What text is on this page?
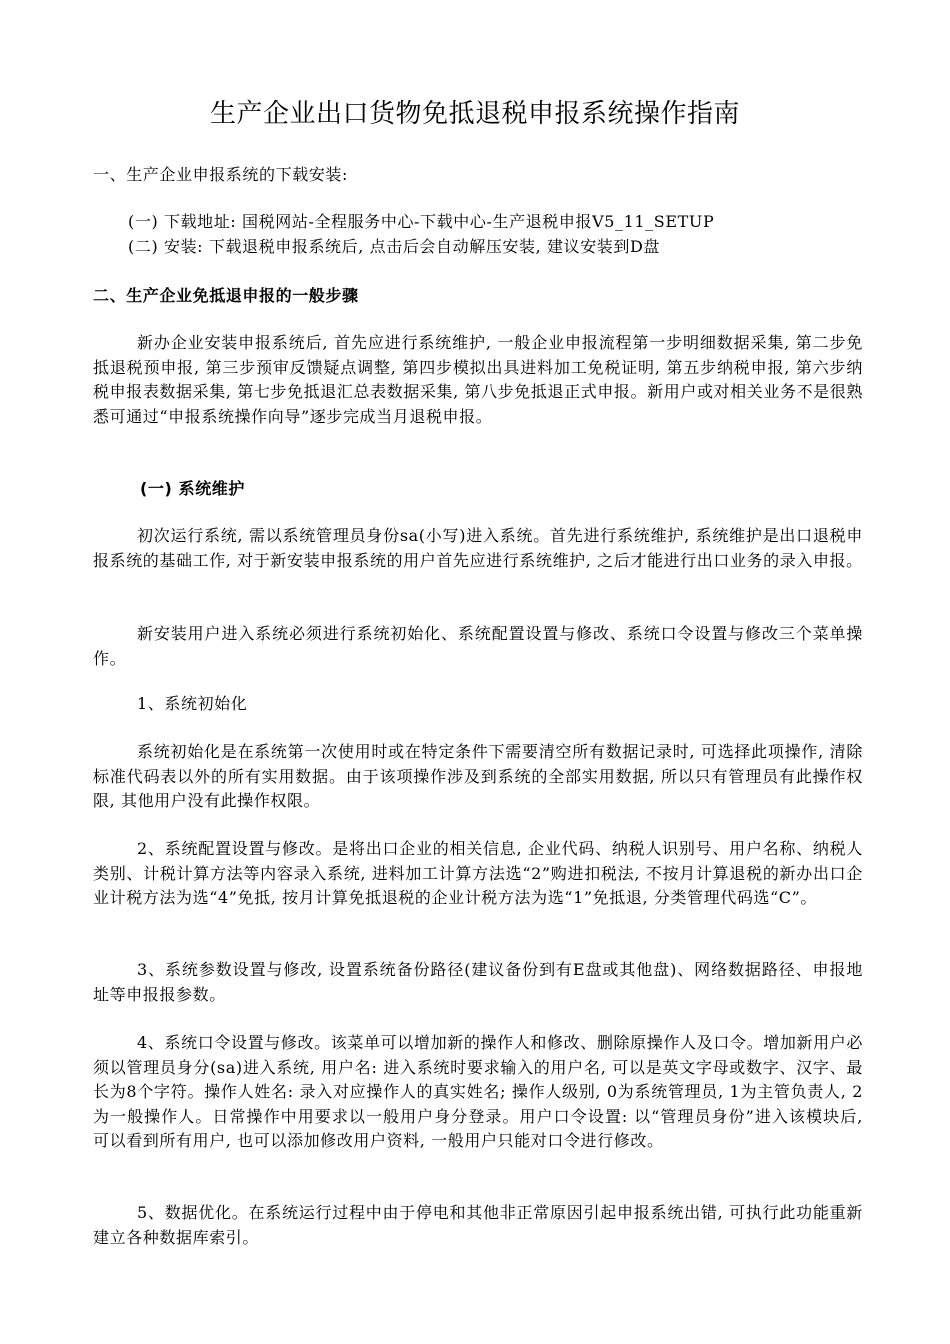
生产企业出口货物免抵退税申报系统操作指南

一、生产企业申报系统的下载安装:

(一) 下载地址: 国税网站-全程服务中心-下载中心-生产退税申报V5_11_SETUP

(二) 安装: 下载退税申报系统后, 点击后会自动解压安装, 建议安装到D盘

二、生产企业免抵退申报的一般步骤

新办企业安装申报系统后, 首先应进行系统维护, 一般企业申报流程第一步明细数据采集, 第二步免抵退税预申报, 第三步预审反馈疑点调整, 第四步模拟出具进料加工免税证明, 第五步纳税申报, 第六步纳税申报表数据采集, 第七步免抵退汇总表数据采集, 第八步免抵退正式申报。新用户或对相关业务不是很熟悉可通过“申报系统操作向导”逐步完成当月退税申报。

(一) 系统维护

初次运行系统, 需以系统管理员身份sa(小写)进入系统。首先进行系统维护, 系统维护是出口退税申报系统的基础工作, 对于新安装申报系统的用户首先应进行系统维护, 之后才能进行出口业务的录入申报。

新安装用户进入系统必须进行系统初始化、系统配置设置与修改、系统口令设置与修改三个菜单操作。

1、系统初始化

系统初始化是在系统第一次使用时或在特定条件下需要清空所有数据记录时, 可选择此项操作, 清除标准代码表以外的所有实用数据。由于该项操作涉及到系统的全部实用数据, 所以只有管理员有此操作权限, 其他用户没有此操作权限。

2、系统配置设置与修改。是将出口企业的相关信息, 企业代码、纳税人识别号、用户名称、纳税人类别、计税计算方法等内容录入系统, 进料加工计算方法选“2”购进扣税法, 不按月计算退税的新办出口企业计税方法为选“4”免抵, 按月计算免抵退税的企业计税方法为选“1”免抵退, 分类管理代码选“C”。

3、系统参数设置与修改, 设置系统备份路径(建议备份到有E盘或其他盘)、网络数据路径、申报地址等申报报参数。

4、系统口令设置与修改。该菜单可以增加新的操作人和修改、删除原操作人及口令。增加新用户必须以管理员身分(sa)进入系统, 用户名: 进入系统时要求输入的用户名, 可以是英文字母或数字、汉字、最长为8个字符。操作人姓名: 录入对应操作人的真实姓名; 操作人级别, 0为系统管理员, 1为主管负责人, 2为一般操作人。日常操作中用要求以一般用户身分登录。用户口令设置: 以“管理员身份”进入该模块后, 可以看到所有用户, 也可以添加修改用户资料, 一般用户只能对口令进行修改。

5、数据优化。在系统运行过程中由于停电和其他非正常原因引起申报系统出错, 可执行此功能重新建立各种数据库索引。
